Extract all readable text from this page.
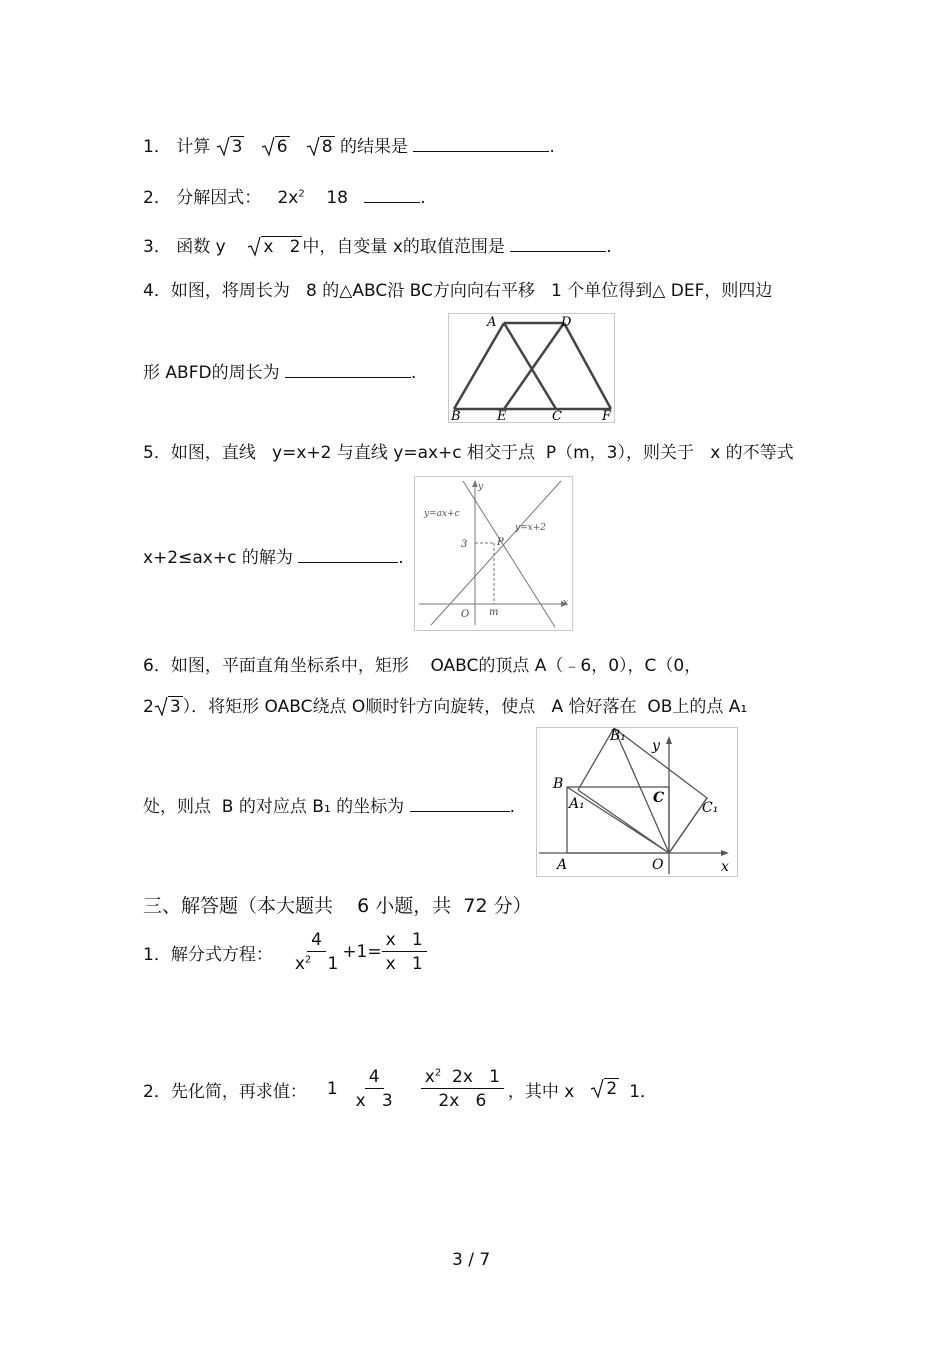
1． 计算 3 6 8 的结果是	.
2． 分解因式： $2x^2$ 18	.
3． 函数 y x   2 中，自变量 x的取值范围是	.
4．如图，将周长为   8 的△ABC沿 BC方向向右平移   1 个单位得到△ DEF，则四边
形 ABFD的周长为	.
A	D
B	E	C	F
5．如图，直线   y=x+2 与直线 y=ax+c 相交于点  P（m，3），则关于   x 的不等式
x+2≤ax+c 的解为	.
y=ax+c
y=x+2
3	P
O m
x
y
6．如图，平面直角坐标系中，矩形    OABC的顶点 A（﹣6，0），C（0，
2 3 ）．将矩形 OABC绕点 O顺时针方向旋转，使点   A 恰好落在  OB上的点 A₁
处，则点  B 的对应点 B₁ 的坐标为	.
B₁
y
B
A₁	C
C₁
A	O	x
三、解答题（本大题共    6 小题，共  72 分）
1． 解分式方程： $\frac{4}{x^2 1} +1= \frac{x 1}{x 1}$
2． 先化简，再求值： $1 \frac{4}{x 3} \frac{x^2 2x 1}{2x 6}$ ，其中 x	2 1．
3 / 7
